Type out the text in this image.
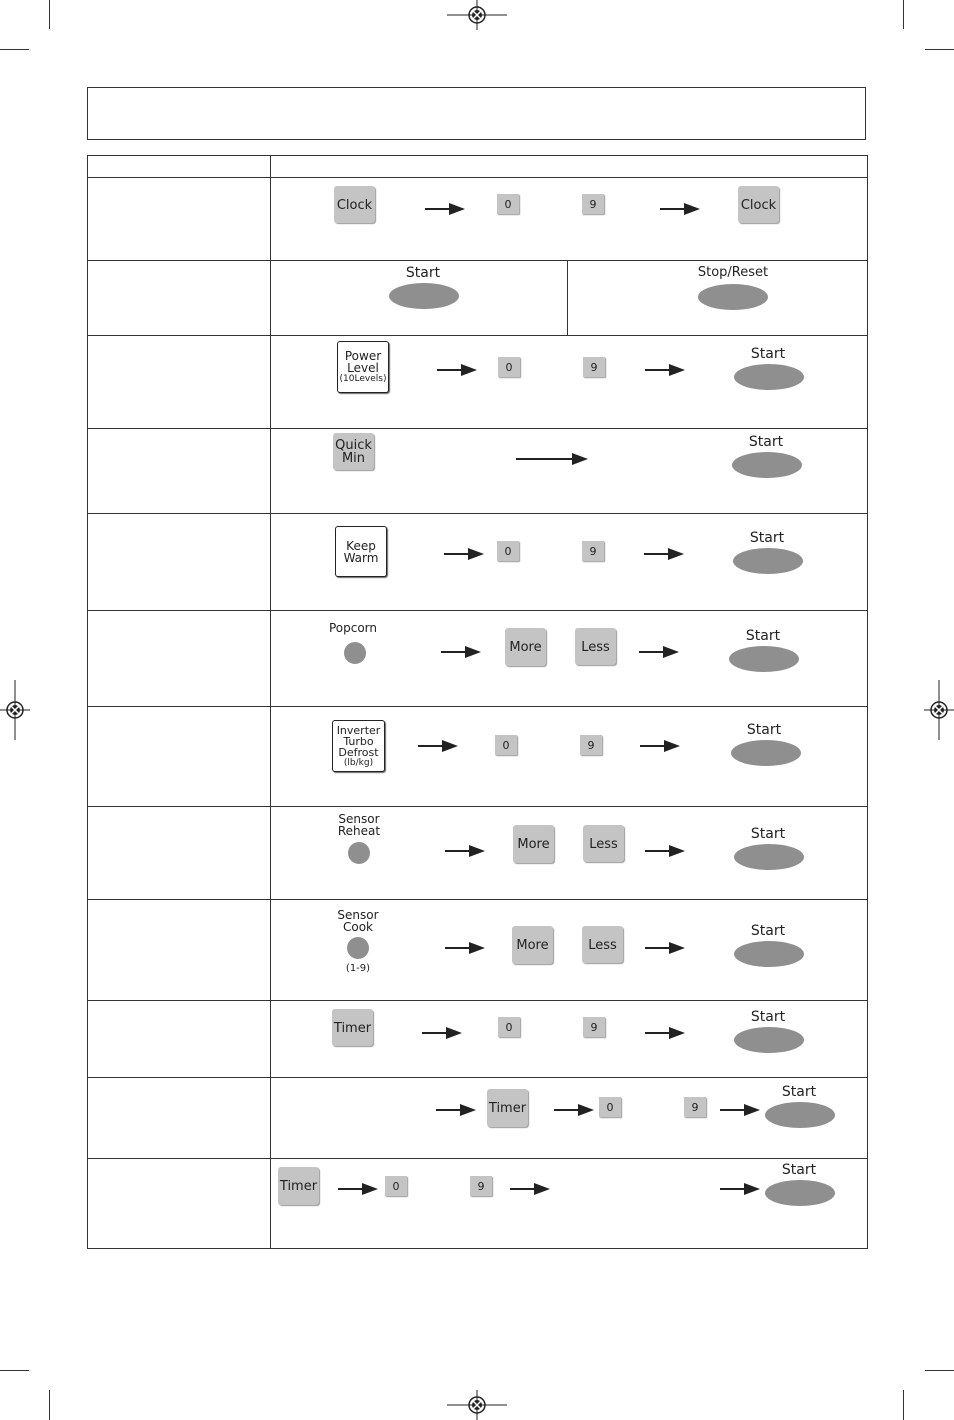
Clock	0	9	Clock
Start	Stop/Reset
Power
Level
(10Levels)
0	9
Start
Quick
Min
Start
Keep
Warm	0	9
Start
Popcorn
More	Less
Start
Inverter
Turbo
Defrost
(lb/kg)
0	9
Start
Sensor
Reheat
More	Less
Start
Sensor
Cook
(1-9)
More	Less
Start
Timer	0	9
Start
Timer	0	9
Start
Timer	0	9
Start
